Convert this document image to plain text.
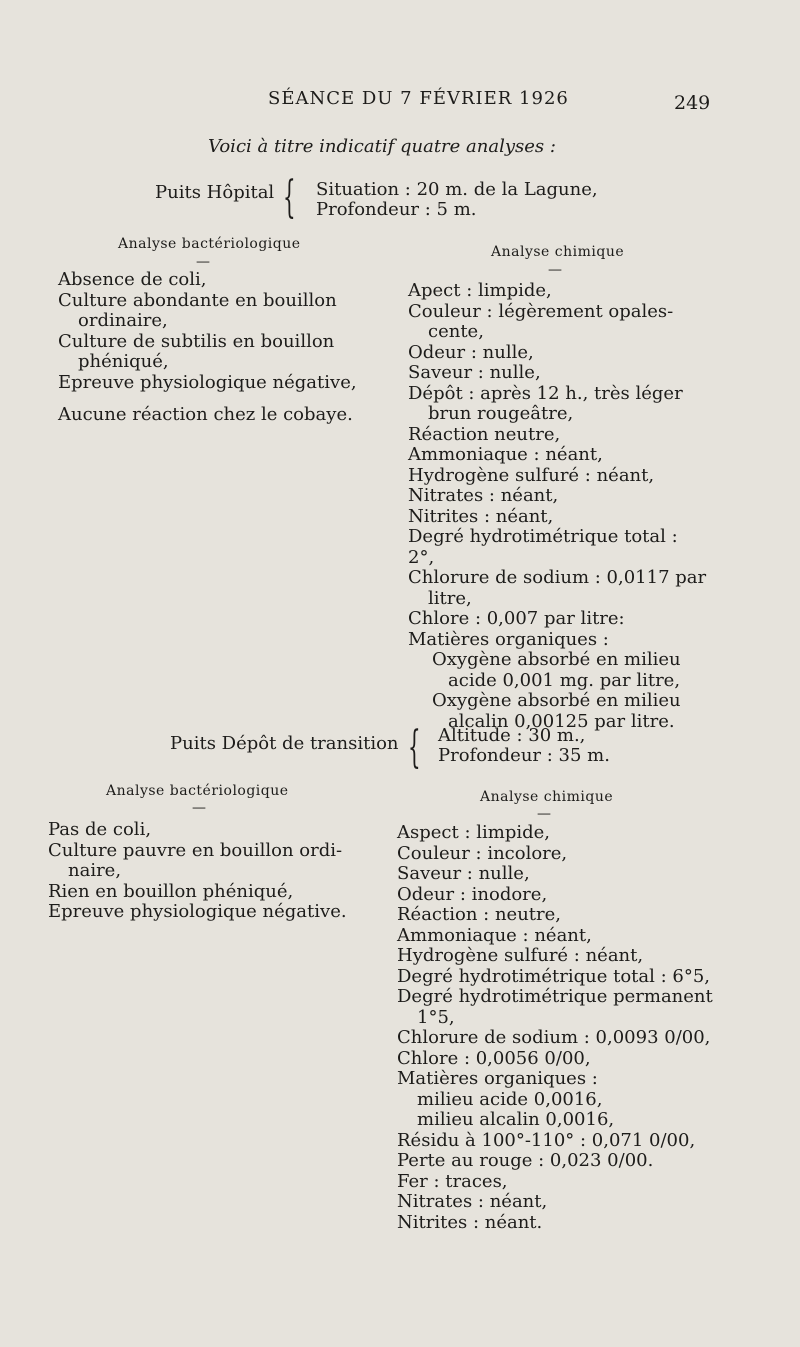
SÉANCE DU 7 FÉVRIER 1926	249
Voici à titre indicatif quatre analyses :
Puits Hôpital { Situation : 20 m. de la Lagune,
Profondeur : 5 m.
Analyse bactériologique
—
Analyse chimique
—

Absence de coli,

Culture abondante en bouillon

ordinaire,

Culture de subtilis en bouillon

phéniqué,

Epreuve physiologique négative,

Aucune réaction chez le cobaye.

Apect : limpide,

Couleur : légèrement opales-

cente,

Odeur : nulle,

Saveur : nulle,

Dépôt : après 12 h., très léger

brun rougeâtre,

Réaction neutre,

Ammoniaque : néant,

Hydrogène sulfuré : néant,

Nitrates : néant,

Nitrites : néant,

Degré hydrotimétrique total : 2°,

Chlorure de sodium : 0,0117 par

litre,

Chlore : 0,007 par litre:

Matières organiques :

Oxygène absorbé en milieu

acide 0,001 mg. par litre,

Oxygène absorbé en milieu

alcalin 0,00125 par litre.

Puits Dépôt de transition { Altitude : 30 m.,
Profondeur : 35 m.
Analyse bactériologique
—
Analyse chimique
—

Pas de coli,

Culture pauvre en bouillon ordi-

naire,

Rien en bouillon phéniqué,

Epreuve physiologique négative.

Aspect : limpide,

Couleur : incolore,

Saveur : nulle,

Odeur : inodore,

Réaction : neutre,

Ammoniaque : néant,

Hydrogène sulfuré : néant,

Degré hydrotimétrique total : 6°5,

Degré hydrotimétrique permanent

1°5,

Chlorure de sodium : 0,0093 0/00,

Chlore : 0,0056 0/00,

Matières organiques :

milieu acide 0,0016,

milieu alcalin 0,0016,

Résidu à 100°-110° : 0,071 0/00,

Perte au rouge : 0,023 0/00.

Fer : traces,

Nitrates : néant,

Nitrites : néant.
